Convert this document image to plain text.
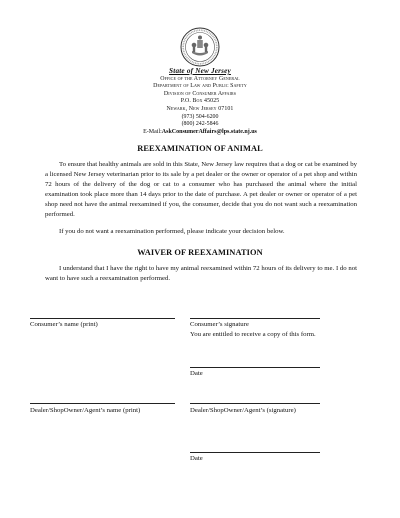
State of New Jersey
Office of the Attorney General
Department of Law and Public Safety
Division of Consumer Affairs
P.O. Box 45025
Newark, New Jersey 07101
(973) 504-6200
(800) 242-5846
E-Mail:AskConsumerAffairs@lps.state.nj.us
REEXAMINATION OF ANIMAL
To ensure that healthy animals are sold in this State, New Jersey law requires that a dog or cat be examined by a licensed New Jersey veterinarian prior to its sale by a pet dealer or the owner or operator of a pet shop and within 72 hours of the delivery of the dog or cat to a consumer who has purchased the animal where the initial examination took place more than 14 days prior to the date of purchase. A pet dealer or owner or operator of a pet shop need not have the animal reexamined if you, the consumer, decide that you do not want such a reexamination performed.
If you do not want a reexamination performed, please indicate your decision below.
WAIVER OF REEXAMINATION
I understand that I have the right to have my animal reexamined within 72 hours of its delivery to me. I do not want to have such a reexamination performed.
Consumer’s name (print)	Consumer’s signature
You are entitled to receive a copy of this form.
Date
Dealer/ShopOwner/Agent’s name (print)	Dealer/ShopOwner/Agent’s (signature)
Date
